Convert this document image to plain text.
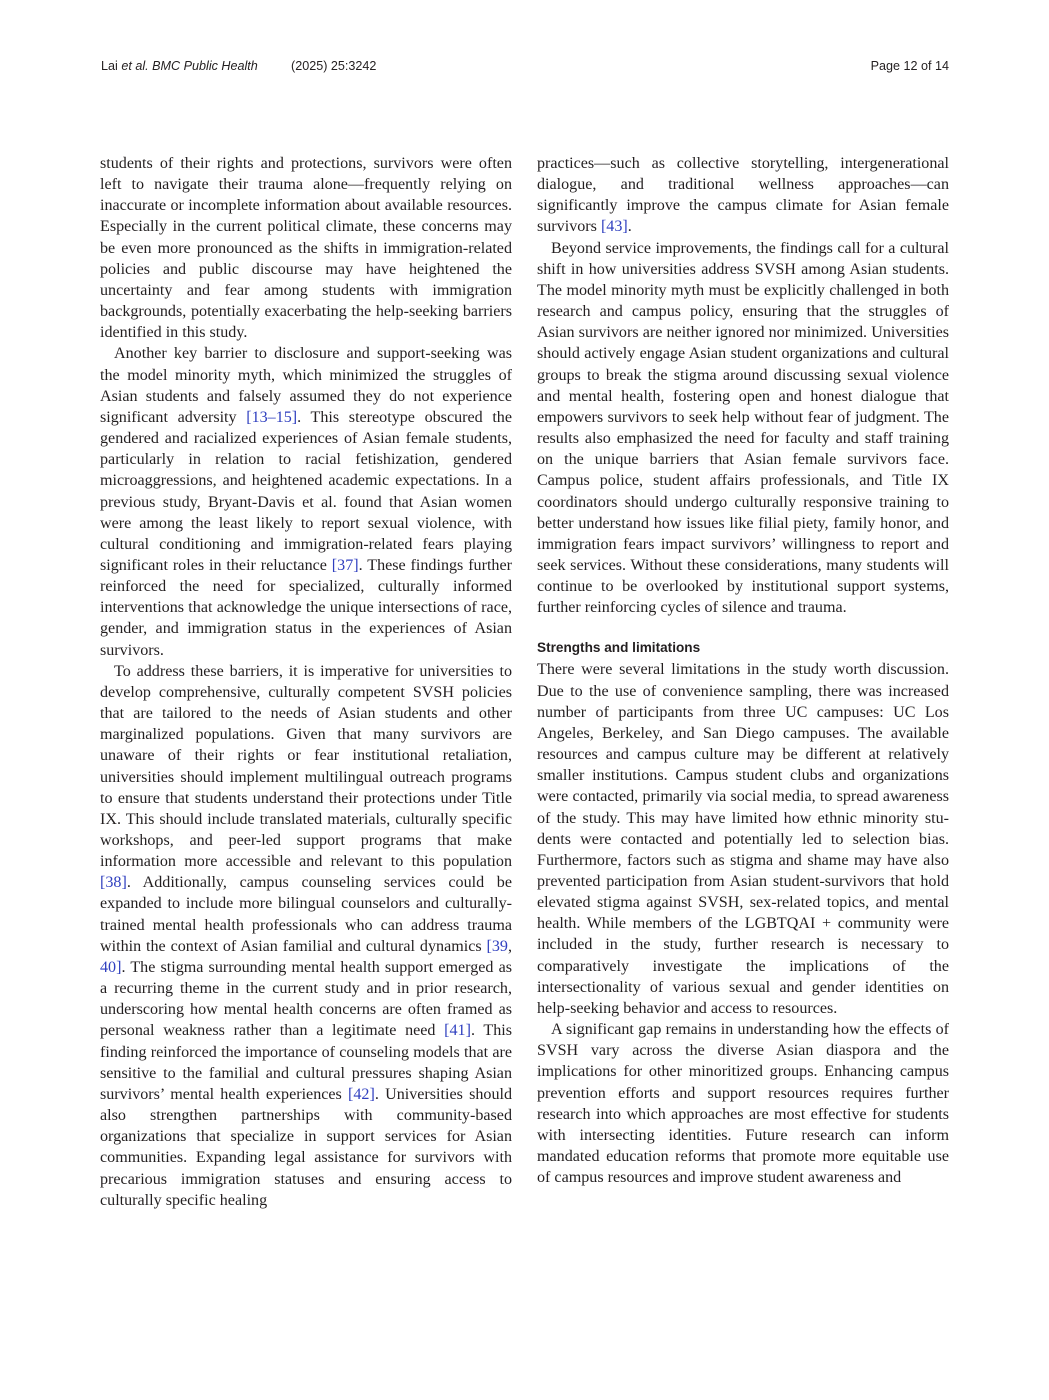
Lai et al. BMC Public Health	(2025) 25:3242	Page 12 of 14

students of their rights and protections, survivors were often left to navigate their trauma alone—frequently relying on inaccurate or incomplete information about available resources. Especially in the current political climate, these concerns may be even more pronounced as the shifts in immigration-related policies and public discourse may have heightened the uncertainty and fear among students with immigration backgrounds, potentially exacerbating the help-seeking barriers identified in this study.

Another key barrier to disclosure and support-seeking was the model minority myth, which minimized the struggles of Asian students and falsely assumed they do not experience significant adversity [13–15]. This stereotype obscured the gendered and racialized experiences of Asian female students, particularly in relation to racial fetishization, gendered microaggressions, and heightened academic expectations. In a previous study, Bryant-Davis et al. found that Asian women were among the least likely to report sexual violence, with cultural conditioning and immigration-related fears playing significant roles in their reluctance [37]. These findings further reinforced the need for specialized, culturally informed interventions that acknowledge the unique intersections of race, gender, and immigration status in the experiences of Asian survivors.

To address these barriers, it is imperative for universities to develop comprehensive, culturally competent SVSH policies that are tailored to the needs of Asian students and other marginalized populations. Given that many survivors are unaware of their rights or fear institutional retaliation, universities should implement multilingual outreach programs to ensure that students understand their protections under Title IX. This should include translated materials, culturally specific workshops, and peer-led support programs that make information more accessible and relevant to this population [38]. Additionally, campus counseling services could be expanded to include more bilingual counselors and culturally-trained mental health professionals who can address trauma within the context of Asian familial and cultural dynamics [39, 40]. The stigma surrounding mental health support emerged as a recurring theme in the current study and in prior research, underscoring how mental health concerns are often framed as personal weakness rather than a legitimate need [41]. This finding reinforced the importance of counseling models that are sensitive to the familial and cultural pressures shaping Asian survivors’ mental health experiences [42]. Universities should also strengthen partnerships with community-based organizations that specialize in support services for Asian communities. Expanding legal assistance for survivors with precarious immigration statuses and ensuring access to culturally specific healing

practices—such as collective storytelling, intergenerational dialogue, and traditional wellness approaches—can significantly improve the campus climate for Asian female survivors [43].

Beyond service improvements, the findings call for a cultural shift in how universities address SVSH among Asian students. The model minority myth must be explicitly challenged in both research and campus policy, ensuring that the struggles of Asian survivors are neither ignored nor minimized. Universities should actively engage Asian student organizations and cultural groups to break the stigma around discussing sexual violence and mental health, fostering open and honest dialogue that empowers survivors to seek help without fear of judgment. The results also emphasized the need for faculty and staff training on the unique barriers that Asian female survivors face. Campus police, student affairs professionals, and Title IX coordinators should undergo culturally responsive training to better understand how issues like filial piety, family honor, and immigration fears impact survivors’ willingness to report and seek services. Without these considerations, many students will continue to be overlooked by institutional support systems, further reinforcing cycles of silence and trauma.

Strengths and limitations

There were several limitations in the study worth discussion. Due to the use of convenience sampling, there was increased number of participants from three UC campuses: UC Los Angeles, Berkeley, and San Diego campuses. The available resources and campus culture may be different at relatively smaller institutions. Campus student clubs and organizations were contacted, primarily via social media, to spread awareness of the study. This may have limited how ethnic minority students were contacted and potentially led to selection bias. Furthermore, factors such as stigma and shame may have also prevented participation from Asian student-survivors that hold elevated stigma against SVSH, sex-related topics, and mental health. While members of the LGBTQAI + community were included in the study, further research is necessary to comparatively investigate the implications of the intersectionality of various sexual and gender identities on help-seeking behavior and access to resources.

A significant gap remains in understanding how the effects of SVSH vary across the diverse Asian diaspora and the implications for other minoritized groups. Enhancing campus prevention efforts and support resources requires further research into which approaches are most effective for students with intersecting identities. Future research can inform mandated education reforms that promote more equitable use of campus resources and improve student awareness and
